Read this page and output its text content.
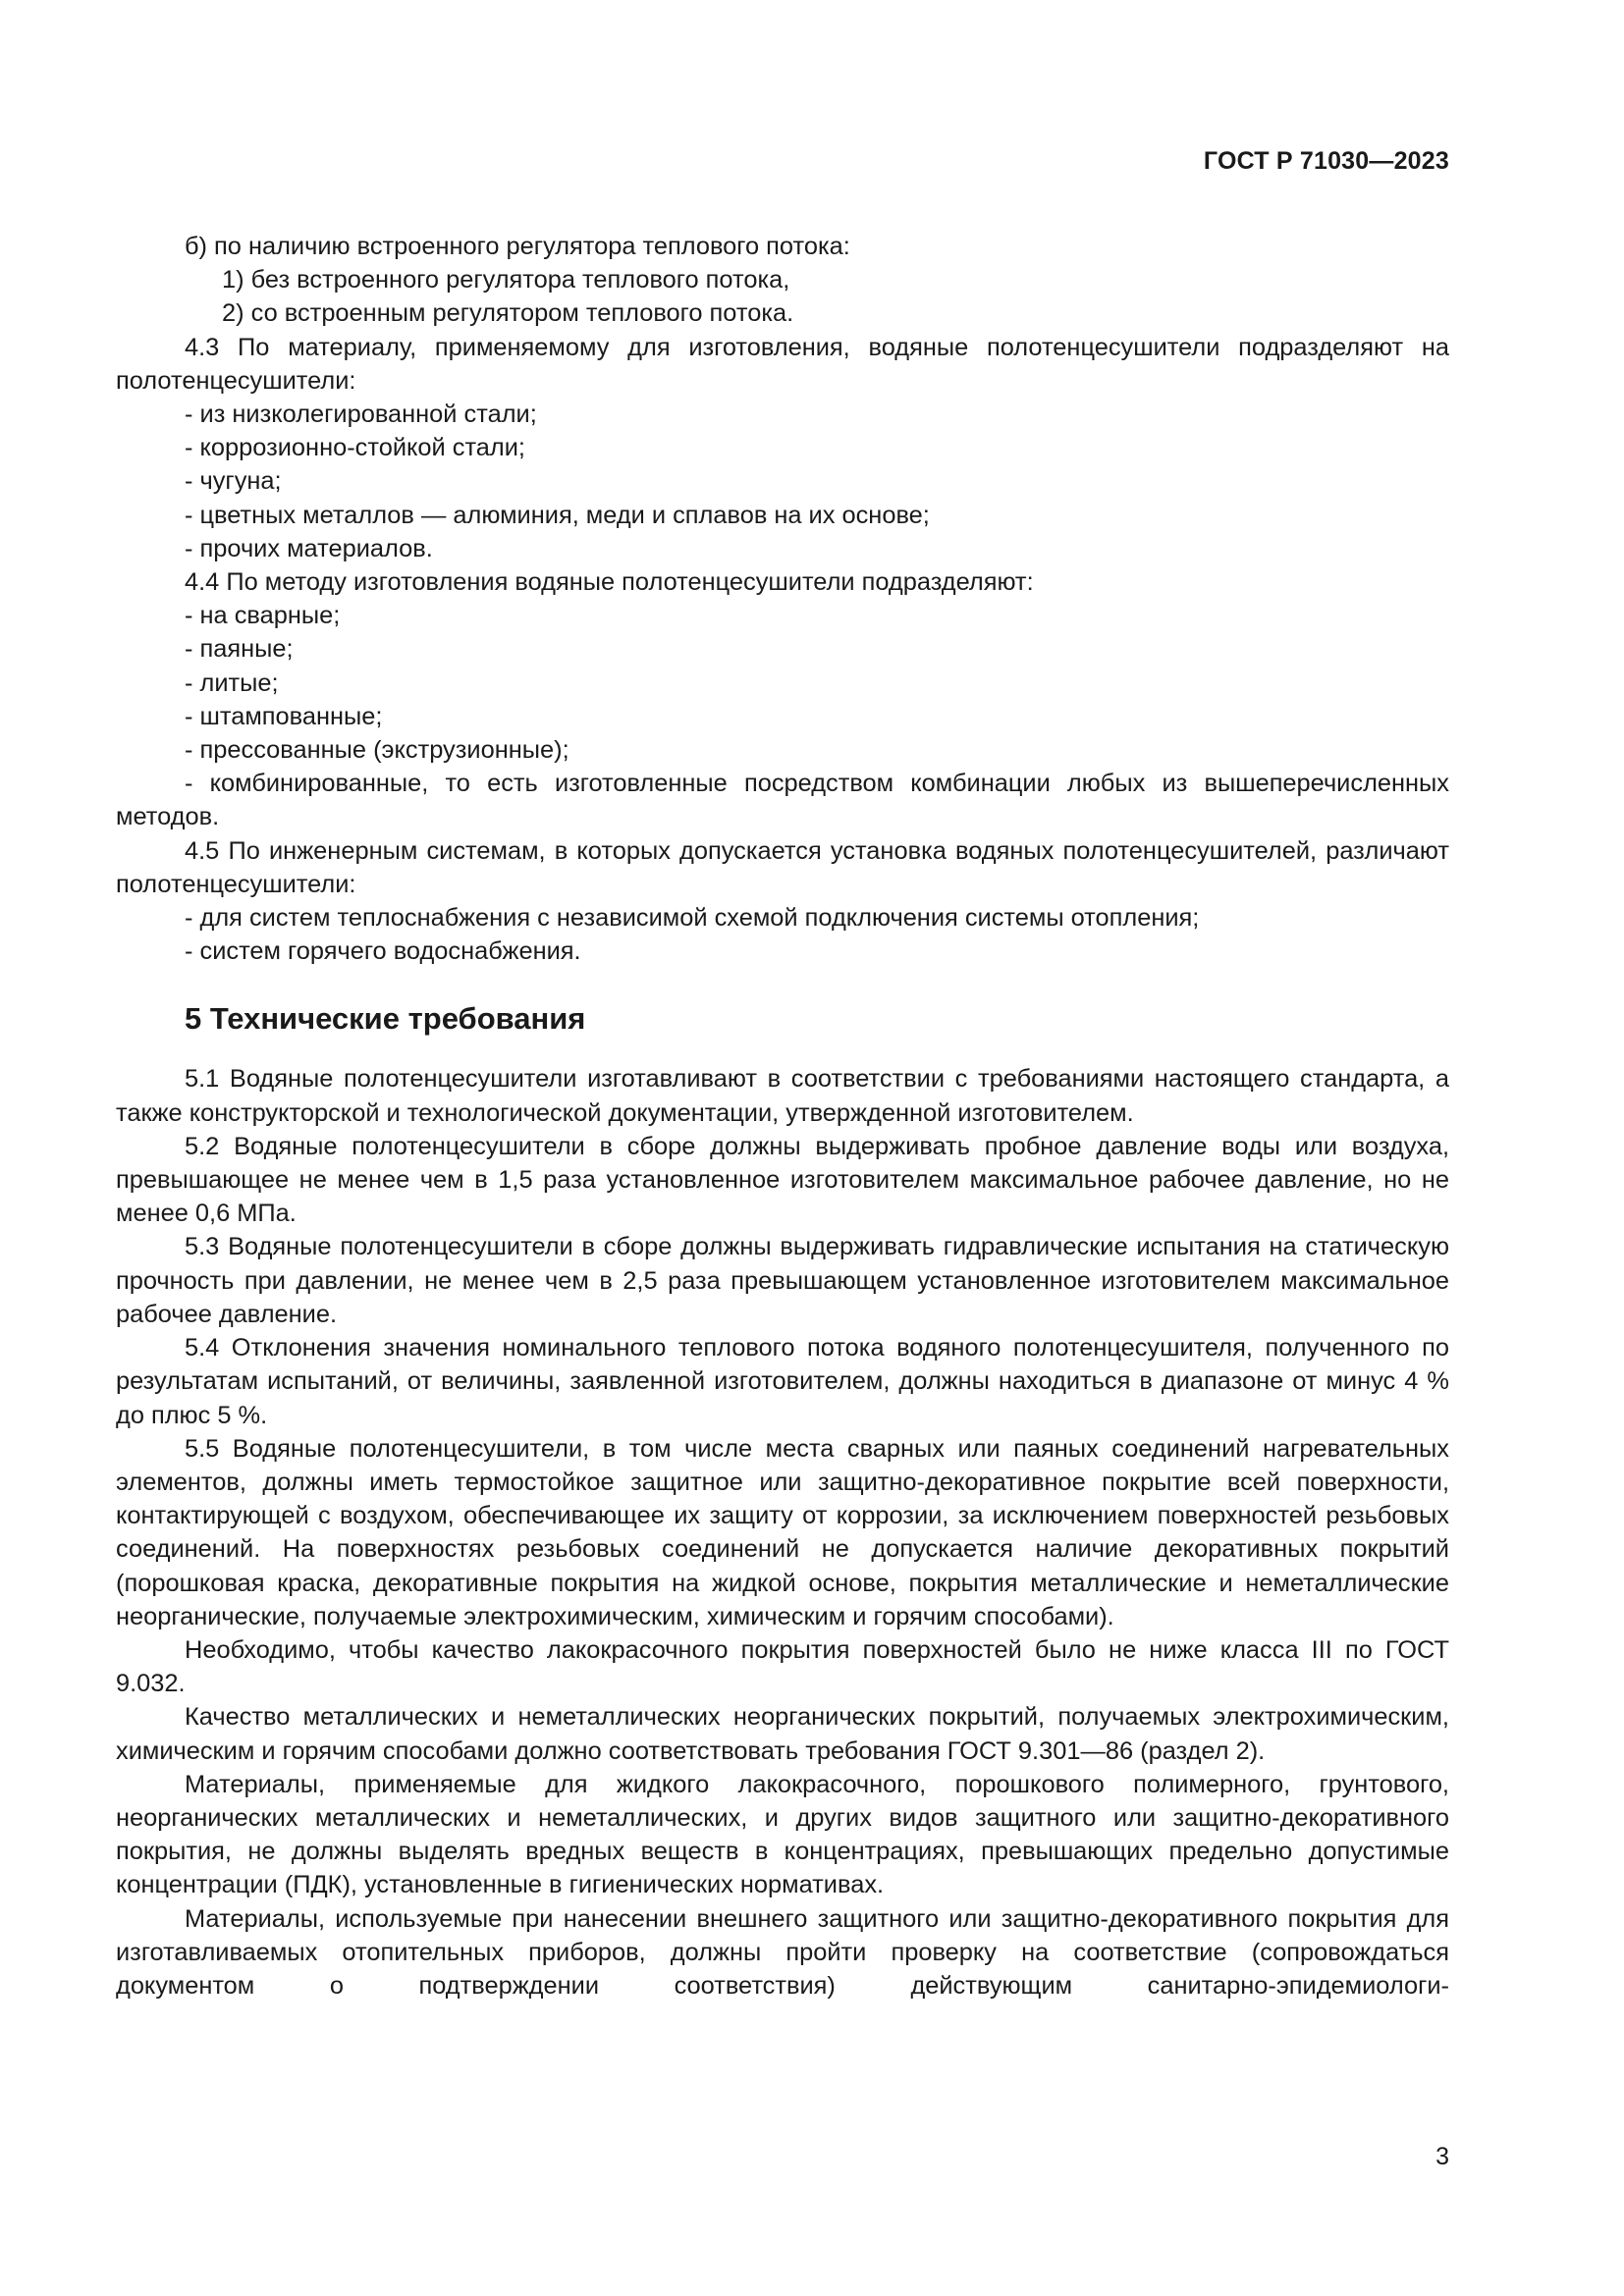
ГОСТ Р 71030—2023

б) по наличию встроенного регулятора теплового потока:

1) без встроенного регулятора теплового потока,

2) со встроенным регулятором теплового потока.

4.3 По материалу, применяемому для изготовления, водяные полотенцесушители подразделяют на полотенцесушители:

- из низколегированной стали;

- коррозионно-стойкой стали;

- чугуна;

- цветных металлов — алюминия, меди и сплавов на их основе;

- прочих материалов.

4.4 По методу изготовления водяные полотенцесушители подразделяют:

- на сварные;

- паяные;

- литые;

- штампованные;

- прессованные (экструзионные);

- комбинированные, то есть изготовленные посредством комбинации любых из вышеперечисленных методов.

4.5 По инженерным системам, в которых допускается установка водяных полотенцесушителей, различают полотенцесушители:

- для систем теплоснабжения с независимой схемой подключения системы отопления;

- систем горячего водоснабжения.

5 Технические требования

5.1 Водяные полотенцесушители изготавливают в соответствии с требованиями настоящего стандарта, а также конструкторской и технологической документации, утвержденной изготовителем.

5.2 Водяные полотенцесушители в сборе должны выдерживать пробное давление воды или воздуха, превышающее не менее чем в 1,5 раза установленное изготовителем максимальное рабочее давление, но не менее 0,6 МПа.

5.3 Водяные полотенцесушители в сборе должны выдерживать гидравлические испытания на статическую прочность при давлении, не менее чем в 2,5 раза превышающем установленное изготовителем максимальное рабочее давление.

5.4 Отклонения значения номинального теплового потока водяного полотенцесушителя, полученного по результатам испытаний, от величины, заявленной изготовителем, должны находиться в диапазоне от минус 4 % до плюс 5 %.

5.5 Водяные полотенцесушители, в том числе места сварных или паяных соединений нагревательных элементов, должны иметь термостойкое защитное или защитно-декоративное покрытие всей поверхности, контактирующей с воздухом, обеспечивающее их защиту от коррозии, за исключением поверхностей резьбовых соединений. На поверхностях резьбовых соединений не допускается наличие декоративных покрытий (порошковая краска, декоративные покрытия на жидкой основе, покрытия металлические и неметаллические неорганические, получаемые электрохимическим, химическим и горячим способами).

Необходимо, чтобы качество лакокрасочного покрытия поверхностей было не ниже класса III по ГОСТ 9.032.

Качество металлических и неметаллических неорганических покрытий, получаемых электрохимическим, химическим и горячим способами должно соответствовать требования ГОСТ 9.301—86 (раздел 2).

Материалы, применяемые для жидкого лакокрасочного, порошкового полимерного, грунтового, неорганических металлических и неметаллических, и других видов защитного или защитно-декоративного покрытия, не должны выделять вредных веществ в концентрациях, превышающих предельно допустимые концентрации (ПДК), установленные в гигиенических нормативах.

Материалы, используемые при нанесении внешнего защитного или защитно-декоративного покрытия для изготавливаемых отопительных приборов, должны пройти проверку на соответствие (сопровождаться документом о подтверждении соответствия) действующим санитарно-эпидемиологи-

3
